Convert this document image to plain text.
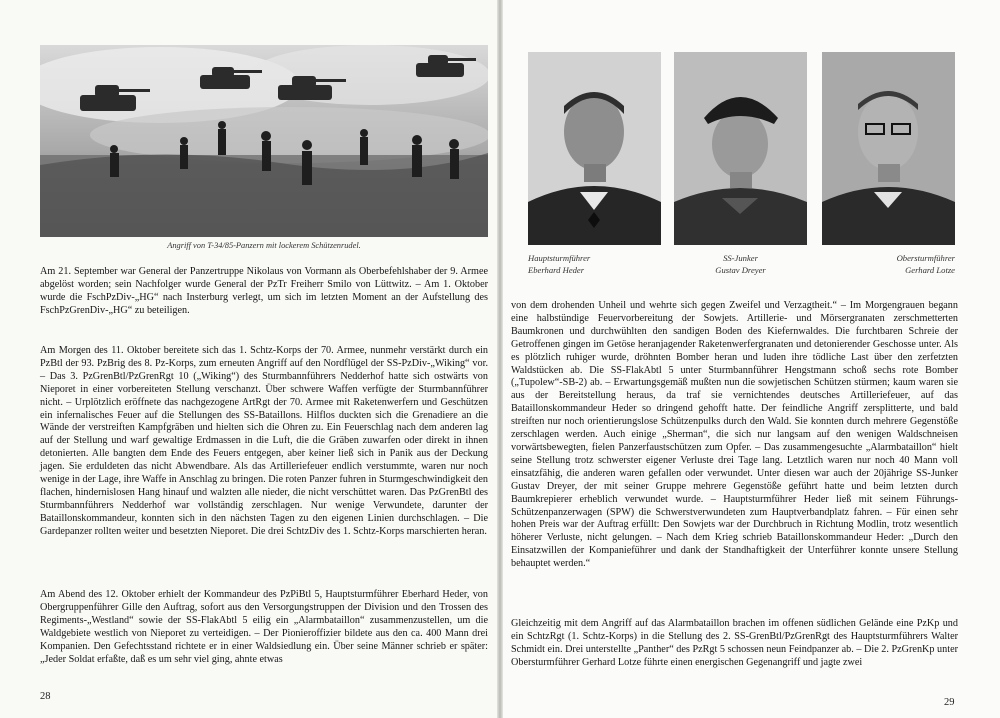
Angriff von T-34/85-Panzern mit lockerem Schützenrudel.

Am 21. September war General der Panzertruppe Nikolaus von Vormann als Oberbefehlshaber der 9. Armee abgelöst worden; sein Nachfolger wurde General der PzTr Freiherr Smilo von Lüttwitz. – Am 1. Oktober wurde die FschPzDiv-„HG“ nach Insterburg verlegt, um sich im letzten Moment an der Aufstellung des FschPzGrenDiv-„HG“ zu beteiligen.

Am Morgen des 11. Oktober bereitete sich das 1. Schtz-Korps der 70. Armee, nunmehr verstärkt durch ein PzBtl der 93. PzBrig des 8. Pz-Korps, zum erneuten Angriff auf den Nordflügel der SS-PzDiv-„Wiking“ vor. – Das 3. PzGrenBtl/PzGrenRgt 10 („Wiking“) des Sturmbannführers Nedderhof hatte sich ostwärts von Nieporet in einer vorbereiteten Stellung verschanzt. Über schwere Waffen verfügte der Sturmbannführer nicht. – Urplötzlich eröffnete das nachgezogene ArtRgt der 70. Armee mit Raketenwerfern und Geschützen ein infernalisches Feuer auf die Stellungen des SS-Bataillons. Hilflos duckten sich die Grenadiere an die Wände der verstreiften Kampfgräben und hielten sich die Ohren zu. Ein Feuerschlag nach dem anderen lag auf der Stellung und warf gewaltige Erdmassen in die Luft, die die Gräben zuwarfen oder direkt in ihnen detonierten. Alle bangten dem Ende des Feuers entgegen, aber keiner ließ sich in Panik aus der Deckung jagen. Sie erduldeten das nicht Abwendbare. Als das Artilleriefeuer endlich verstummte, waren nur noch wenige in der Lage, ihre Waffe in Anschlag zu bringen. Die roten Panzer fuhren in Sturmgeschwindigkeit den flachen, hindernislosen Hang hinauf und walzten alle nieder, die nicht verschüttet waren. Das PzGrenBtl des Sturmbannführers Nedderhof war vollständig zerschlagen. Nur wenige Verwundete, darunter der Bataillonskommandeur, konnten sich in den nächsten Tagen zu den eigenen Linien durchschlagen. – Die Gardepanzer rollten weiter und besetzten Nieporet. Die drei SchtzDiv des 1. Schtz-Korps marschierten heran.

Am Abend des 12. Oktober erhielt der Kommandeur des PzPiBtl 5, Hauptsturmführer Eberhard Heder, von Obergruppenführer Gille den Auftrag, sofort aus den Versorgungstruppen der Division und den Trossen des Regiments-„Westland“ sowie der SS-FlakAbtl 5 eilig ein „Alarmbataillon“ zusammenzustellen, um die Waldgebiete westlich von Nieporet zu verteidigen. – Der Pionieroffizier bildete aus den ca. 400 Mann drei Kompanien. Den Gefechtsstand richtete er in einer Waldsiedlung ein. Über seine Männer schrieb er später: „Jeder Soldat erfaßte, daß es um sehr viel ging, ahnte etwas

28
Hauptsturmführer
Eberhard Heder
SS-Junker
Gustav Dreyer
Obersturmführer
Gerhard Lotze

von dem drohenden Unheil und wehrte sich gegen Zweifel und Verzagtheit.“ – Im Morgengrauen begann eine halbstündige Feuervorbereitung der Sowjets. Artillerie- und Mörsergranaten zerschmetterten Baumkronen und durchwühlten den sandigen Boden des Kiefernwaldes. Die furchtbaren Schreie der Getroffenen gingen im Getöse heranjagender Raketenwerfergranaten und detonierender Geschosse unter. Als es plötzlich ruhiger wurde, dröhnten Bomber heran und luden ihre tödliche Last über den zerfetzten Waldstücken ab. Die SS-FlakAbtl 5 unter Sturmbannführer Hengstmann schoß sechs rote Bomber („Tupolew“-SB-2) ab. – Erwartungsgemäß mußten nun die sowjetischen Schützen stürmen; kaum waren sie aus der Bereitstellung heraus, da traf sie vernichtendes deutsches Artilleriefeuer, auf das Bataillonskommandeur Heder so dringend gehofft hatte. Der feindliche Angriff zersplitterte, und bald streiften nur noch orientierungslose Schützenpulks durch den Wald. Sie konnten durch mehrere Gegenstöße zerschlagen werden. Auch einige „Sherman“, die sich nur langsam auf den wenigen Waldschneisen vorwärtsbewegten, fielen Panzerfaustschützen zum Opfer. – Das zusammengesuchte „Alarmbataillon“ hielt seine Stellung trotz schwerster eigener Verluste drei Tage lang. Letztlich waren nur noch 40 Mann voll einsatzfähig, die anderen waren gefallen oder verwundet. Unter diesen war auch der 20jährige SS-Junker Gustav Dreyer, der mit seiner Gruppe mehrere Gegenstöße geführt hatte und beim letzten durch Baumkrepierer erheblich verwundet wurde. – Hauptsturmführer Heder ließ mit seinem Führungs-Schützenpanzerwagen (SPW) die Schwerstverwundeten zum Hauptverbandplatz fahren. – Für einen sehr hohen Preis war der Auftrag erfüllt: Den Sowjets war der Durchbruch in Richtung Modlin, trotz wesentlich höherer Verluste, nicht gelungen. – Nach dem Krieg schrieb Bataillonskommandeur Heder: „Durch den Einsatzwillen der Kompanieführer und dank der Standhaftigkeit der Unterführer konnte unsere Stellung behauptet werden.“

Gleichzeitig mit dem Angriff auf das Alarmbataillon brachen im offenen südlichen Gelände eine PzKp und ein SchtzRgt (1. Schtz-Korps) in die Stellung des 2. SS-GrenBtl/PzGrenRgt des Hauptsturmführers Walter Schmidt ein. Drei unterstellte „Panther“ des PzRgt 5 schossen neun Feindpanzer ab. – Die 2. PzGrenKp unter Obersturmführer Gerhard Lotze führte einen energischen Gegenangriff und jagte zwei

29
